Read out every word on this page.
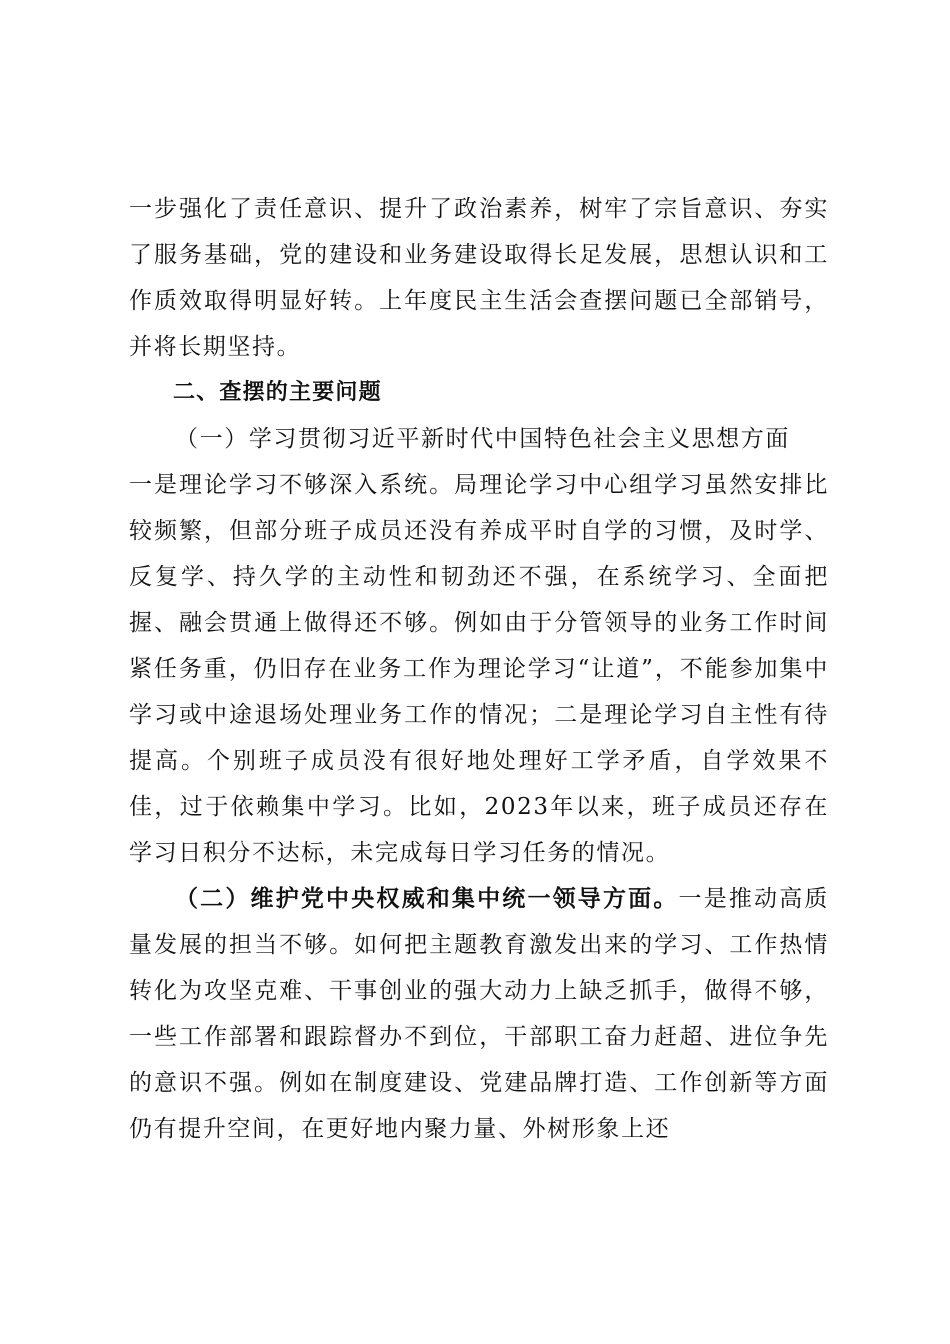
一步强化了责任意识、提升了政治素养，树牢了宗旨意识、夯实了服务基础，党的建设和业务建设取得长足发展，思想认识和工作质效取得明显好转。上年度民主生活会查摆问题已全部销号，并将长期坚持。

二、查摆的主要问题

（一）学习贯彻习近平新时代中国特色社会主义思想方面

一是理论学习不够深入系统。局理论学习中心组学习虽然安排比较频繁，但部分班子成员还没有养成平时自学的习惯，及时学、反复学、持久学的主动性和韧劲还不强，在系统学习、全面把握、融会贯通上做得还不够。例如由于分管领导的业务工作时间紧任务重，仍旧存在业务工作为理论学习“让道”，不能参加集中学习或中途退场处理业务工作的情况；二是理论学习自主性有待提高。个别班子成员没有很好地处理好工学矛盾，自学效果不佳，过于依赖集中学习。比如，2023年以来，班子成员还存在学习日积分不达标，未完成每日学习任务的情况。

（二）维护党中央权威和集中统一领导方面。一是推动高质量发展的担当不够。如何把主题教育激发出来的学习、工作热情转化为攻坚克难、干事创业的强大动力上缺乏抓手，做得不够，一些工作部署和跟踪督办不到位，干部职工奋力赶超、进位争先的意识不强。例如在制度建设、党建品牌打造、工作创新等方面仍有提升空间，在更好地内聚力量、外树形象上还
